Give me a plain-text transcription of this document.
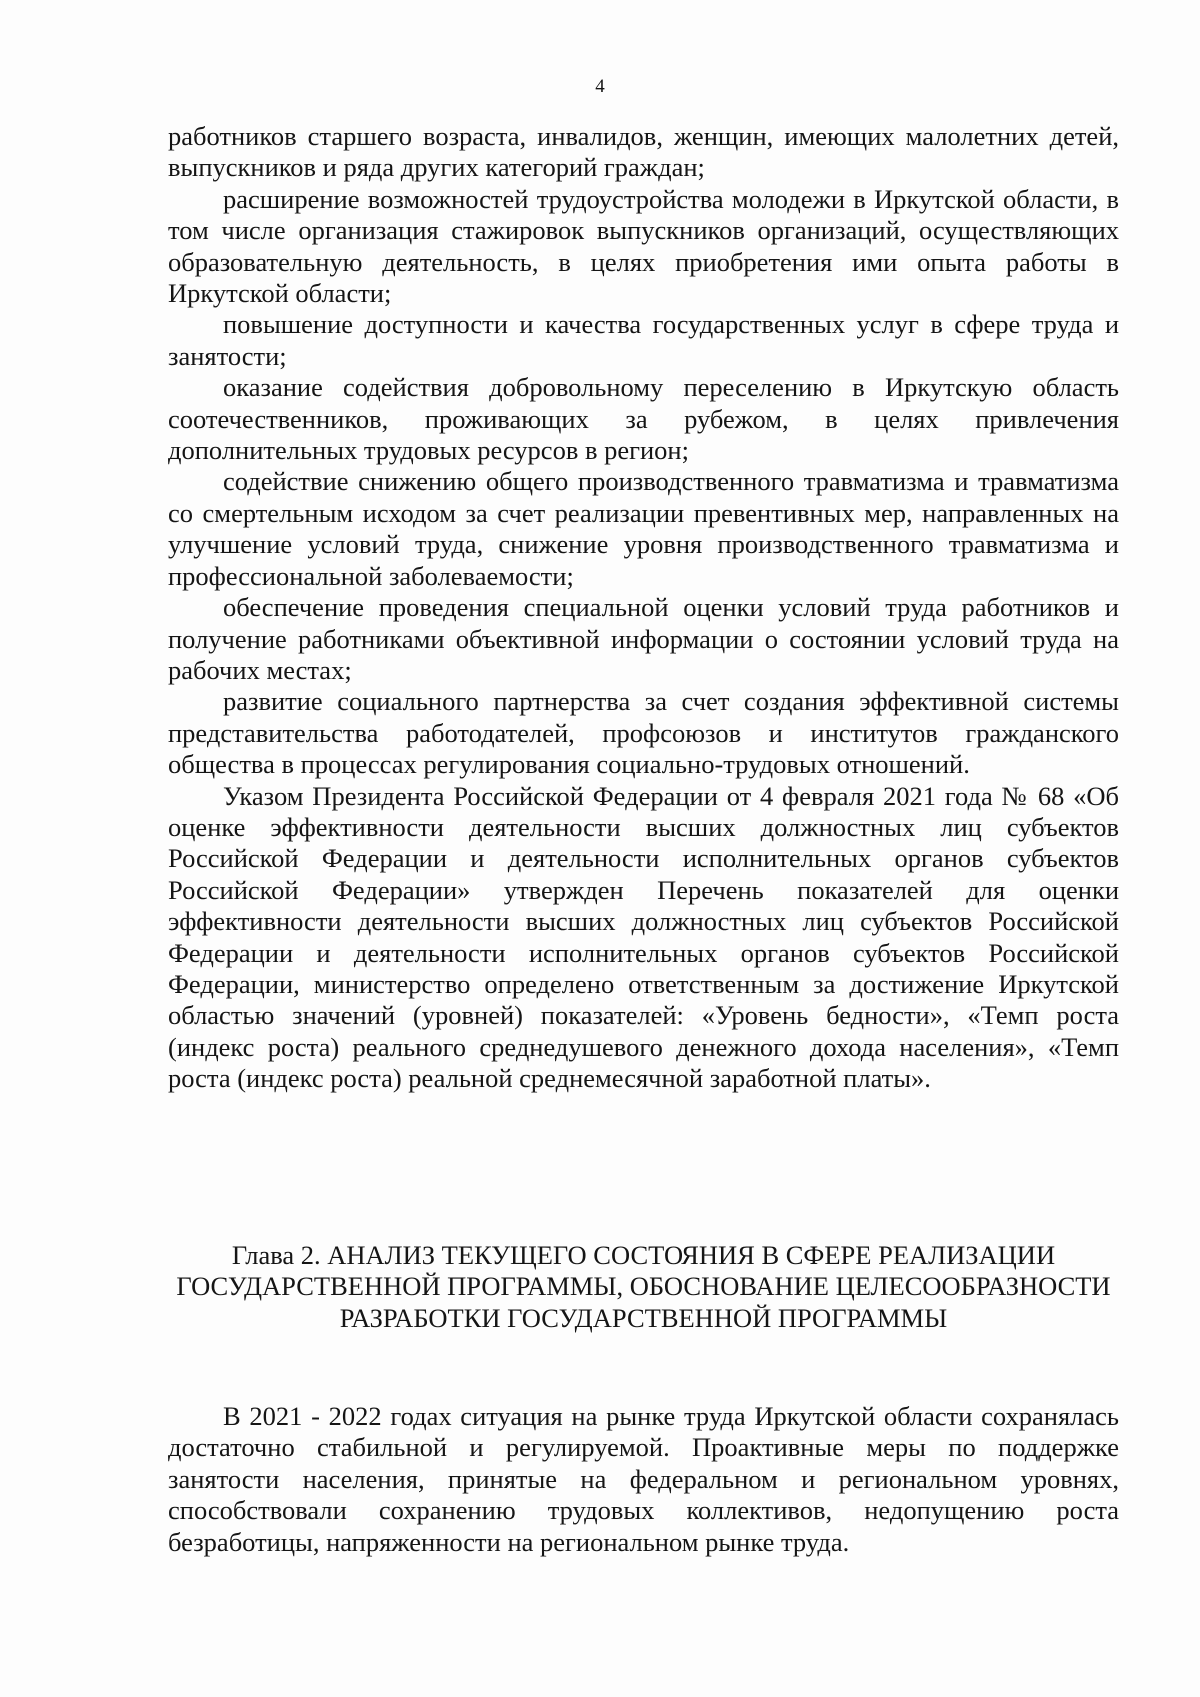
4

работников старшего возраста, инвалидов, женщин, имеющих малолетних детей, выпускников и ряда других категорий граждан;

расширение возможностей трудоустройства молодежи в Иркутской области, в том числе организация стажировок выпускников организаций, осуществляющих образовательную деятельность, в целях приобретения ими опыта работы в Иркутской области;

повышение доступности и качества государственных услуг в сфере труда и занятости;

оказание содействия добровольному переселению в Иркутскую область соотечественников, проживающих за рубежом, в целях привлечения дополнительных трудовых ресурсов в регион;

содействие снижению общего производственного травматизма и травматизма со смертельным исходом за счет реализации превентивных мер, направленных на улучшение условий труда, снижение уровня производственного травматизма и профессиональной заболеваемости;

обеспечение проведения специальной оценки условий труда работников и получение работниками объективной информации о состоянии условий труда на рабочих местах;

развитие социального партнерства за счет создания эффективной системы представительства работодателей, профсоюзов и институтов гражданского общества в процессах регулирования социально-трудовых отношений.

Указом Президента Российской Федерации от 4 февраля 2021 года № 68 «Об оценке эффективности деятельности высших должностных лиц субъектов Российской Федерации и деятельности исполнительных органов субъектов Российской Федерации» утвержден Перечень показателей для оценки эффективности деятельности высших должностных лиц субъектов Российской Федерации и деятельности исполнительных органов субъектов Российской Федерации, министерство определено ответственным за достижение Иркутской областью значений (уровней) показателей: «Уровень бедности», «Темп роста (индекс роста) реального среднедушевого денежного дохода населения», «Темп роста (индекс роста) реальной среднемесячной заработной платы».

Глава 2. АНАЛИЗ ТЕКУЩЕГО СОСТОЯНИЯ В СФЕРЕ РЕАЛИЗАЦИИ ГОСУДАРСТВЕННОЙ ПРОГРАММЫ, ОБОСНОВАНИЕ ЦЕЛЕСООБРАЗНОСТИ РАЗРАБОТКИ ГОСУДАРСТВЕННОЙ ПРОГРАММЫ

В 2021 - 2022 годах ситуация на рынке труда Иркутской области сохранялась достаточно стабильной и регулируемой. Проактивные меры по поддержке занятости населения, принятые на федеральном и региональном уровнях, способствовали сохранению трудовых коллективов, недопущению роста безработицы, напряженности на региональном рынке труда.
